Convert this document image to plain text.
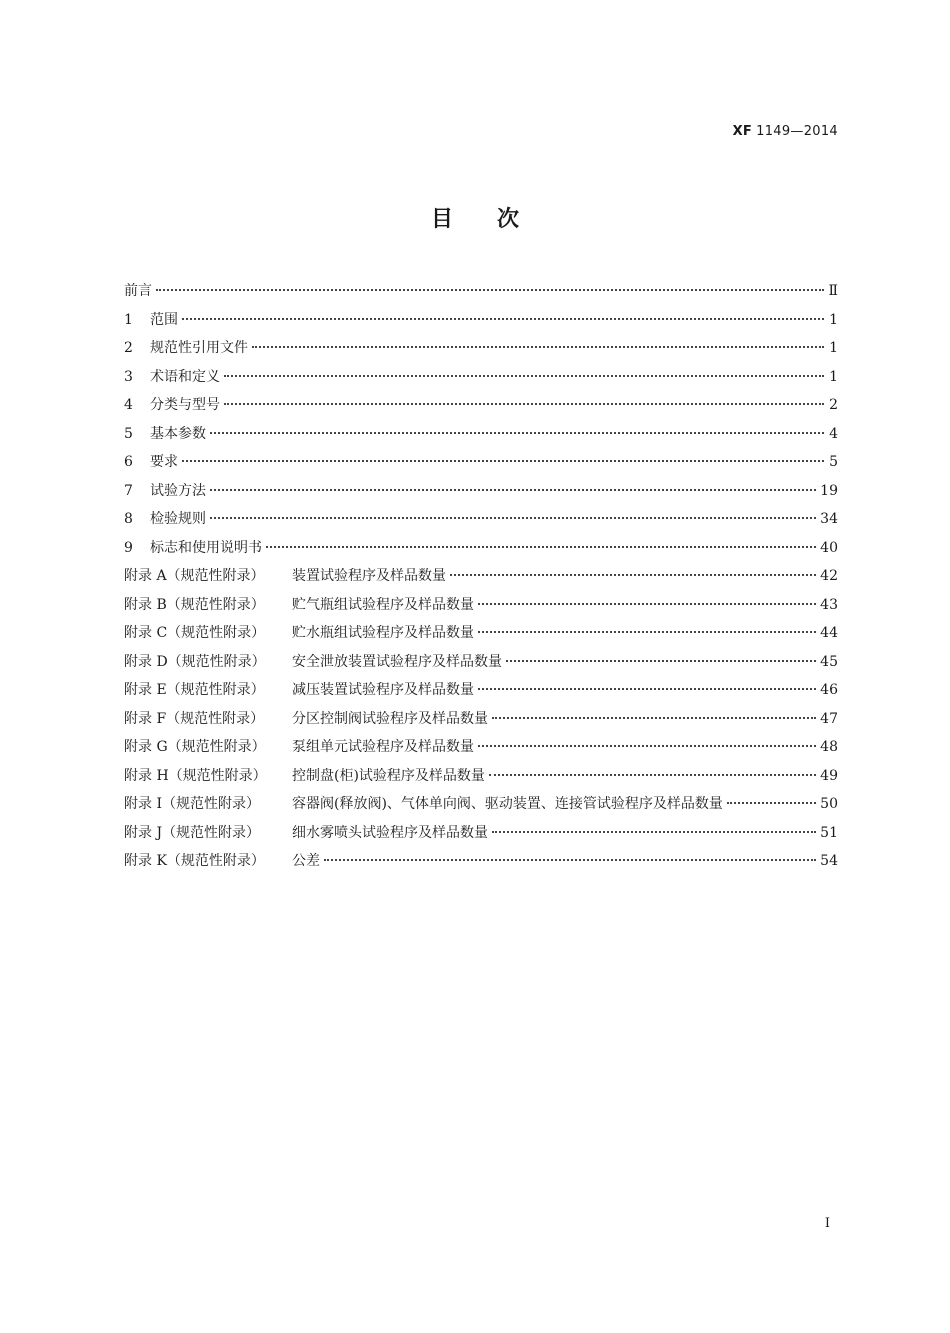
XF 1149—2014
目次
前言	Ⅱ
1	范围	1
2	规范性引用文件	1
3	术语和定义	1
4	分类与型号	2
5	基本参数	4
6	要求	5
7	试验方法	19
8	检验规则	34
9	标志和使用说明书	40
附录 A（规范性附录）	装置试验程序及样品数量	42
附录 B（规范性附录）	贮气瓶组试验程序及样品数量	43
附录 C（规范性附录）	贮水瓶组试验程序及样品数量	44
附录 D（规范性附录）	安全泄放装置试验程序及样品数量	45
附录 E（规范性附录）	减压装置试验程序及样品数量	46
附录 F（规范性附录）	分区控制阀试验程序及样品数量	47
附录 G（规范性附录）	泵组单元试验程序及样品数量	48
附录 H（规范性附录）	控制盘(柜)试验程序及样品数量	49
附录 I（规范性附录）	容器阀(释放阀)、气体单向阀、驱动装置、连接管试验程序及样品数量	50
附录 J（规范性附录）	细水雾喷头试验程序及样品数量	51
附录 K（规范性附录）	公差	54
I
